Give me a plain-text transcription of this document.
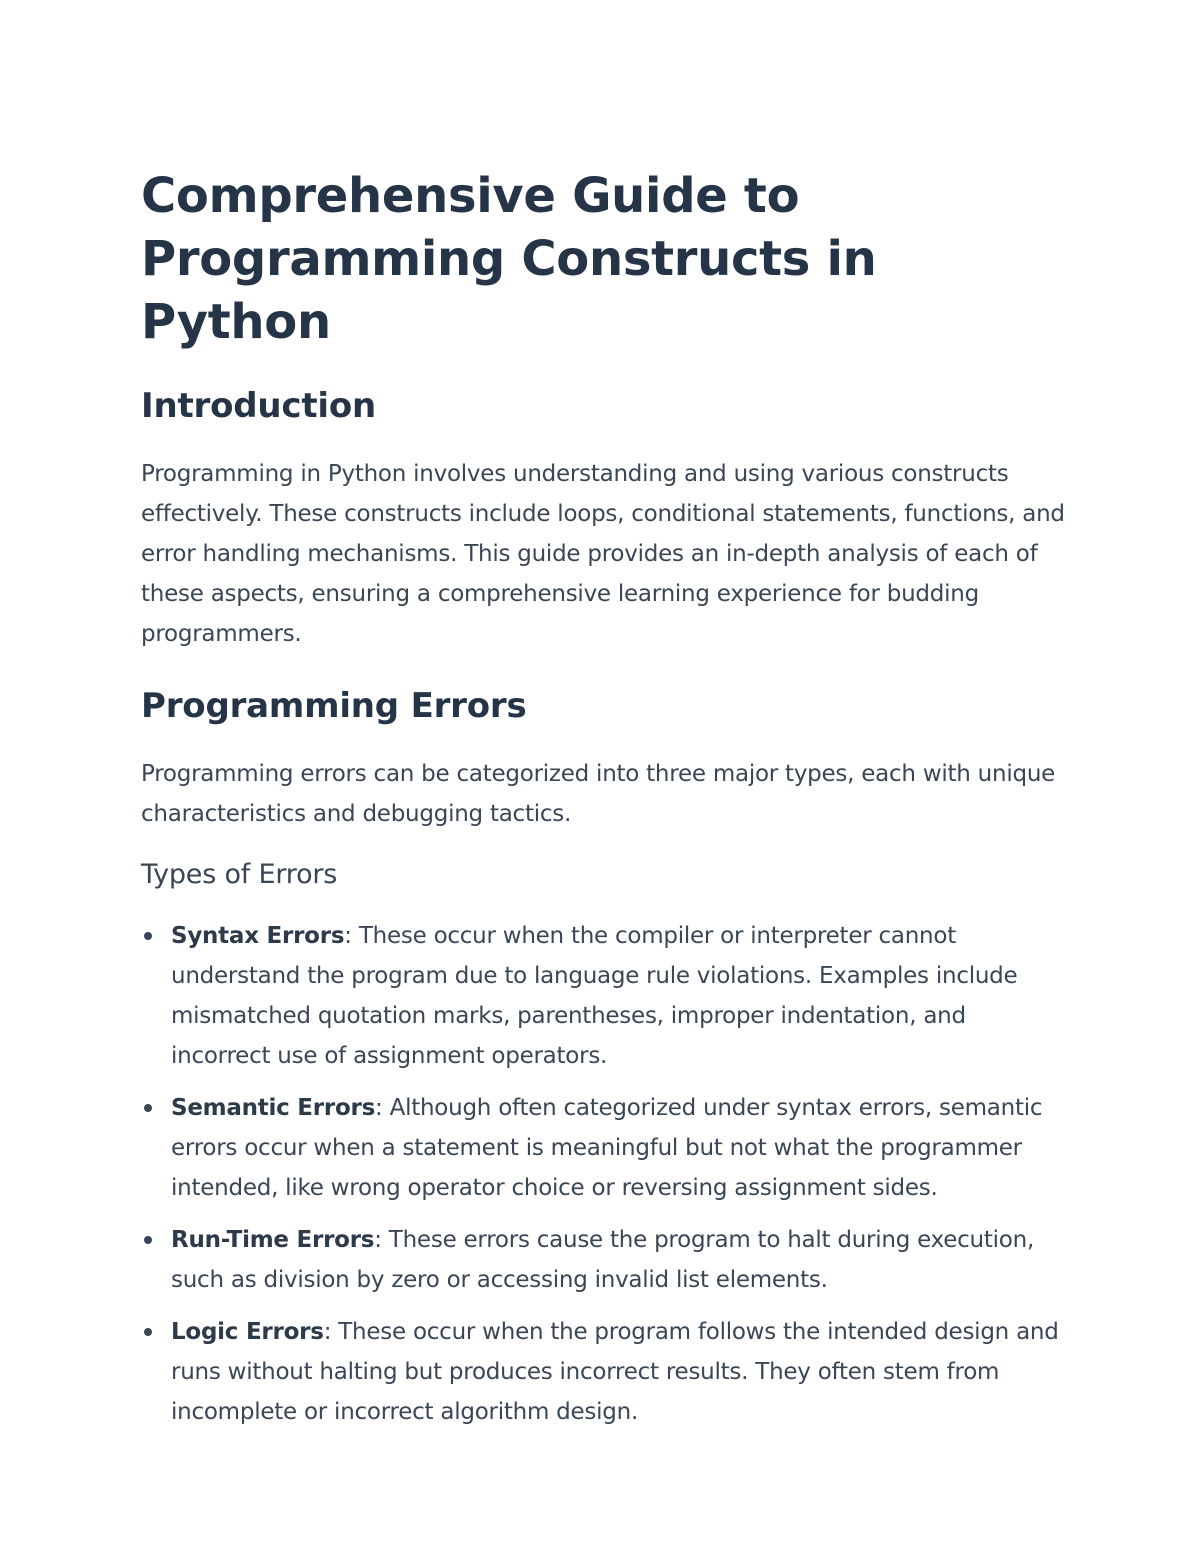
Comprehensive Guide to Programming Constructs in Python
Introduction

Programming in Python involves understanding and using various constructs effectively. These constructs include loops, conditional statements, functions, and error handling mechanisms. This guide provides an in-depth analysis of each of these aspects, ensuring a comprehensive learning experience for budding programmers.

Programming Errors

Programming errors can be categorized into three major types, each with unique characteristics and debugging tactics.

Types of Errors
Syntax Errors: These occur when the compiler or interpreter cannot understand the program due to language rule violations. Examples include mismatched quotation marks, parentheses, improper indentation, and incorrect use of assignment operators.
Semantic Errors: Although often categorized under syntax errors, semantic errors occur when a statement is meaningful but not what the programmer intended, like wrong operator choice or reversing assignment sides.
Run-Time Errors: These errors cause the program to halt during execution, such as division by zero or accessing invalid list elements.
Logic Errors: These occur when the program follows the intended design and runs without halting but produces incorrect results. They often stem from incomplete or incorrect algorithm design.
